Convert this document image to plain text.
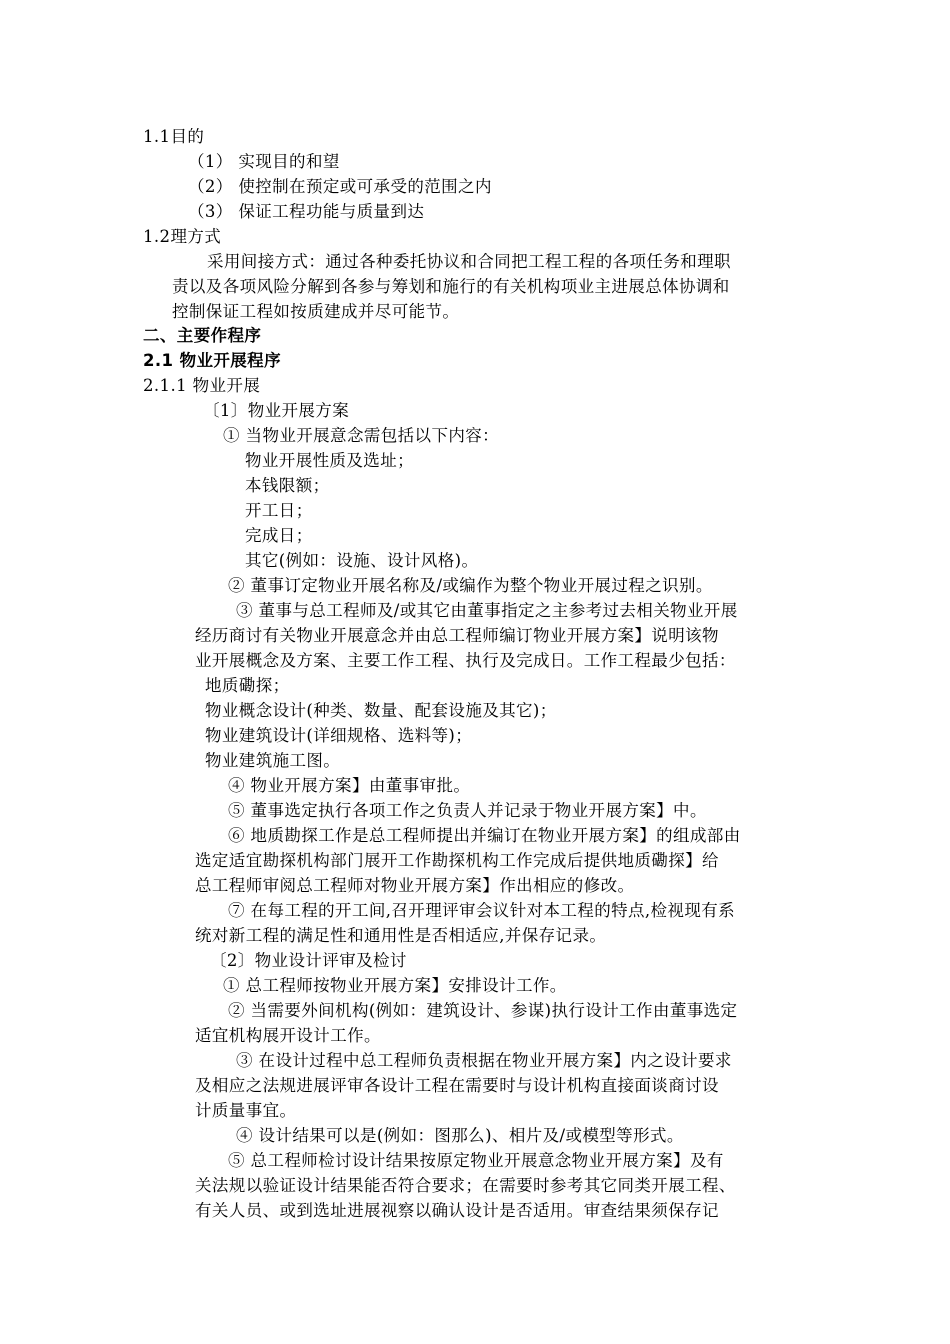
1.1目的
（1） 实现目的和望
（2） 使控制在预定或可承受的范围之内
（3） 保证工程功能与质量到达
1.2理方式
采用间接方式：通过各种委托协议和合同把工程工程的各项任务和理职
责以及各项风险分解到各参与筹划和施行的有关机构项业主进展总体协调和
控制保证工程如按质建成并尽可能节。
二、主要作程序
2.1 物业开展程序
2.1.1 物业开展
〔1〕物业开展方案
① 当物业开展意念需包括以下内容：
物业开展性质及选址；
本钱限额；
开工日；
完成日；
其它(例如：设施、设计风格)。
② 董事订定物业开展名称及/或编作为整个物业开展过程之识别。
③ 董事与总工程师及/或其它由董事指定之主参考过去相关物业开展
经历商讨有关物业开展意念并由总工程师编订物业开展方案】说明该物
业开展概念及方案、主要工作工程、执行及完成日。工作工程最少包括：
地质磡探；
物业概念设计(种类、数量、配套设施及其它)；
物业建筑设计(详细规格、选料等)；
物业建筑施工图。
④ 物业开展方案】由董事审批。
⑤ 董事选定执行各项工作之负责人并记录于物业开展方案】中。
⑥ 地质勘探工作是总工程师提出并编订在物业开展方案】的组成部由
选定适宜勘探机构部门展开工作勘探机构工作完成后提供地质磡探】给
总工程师审阅总工程师对物业开展方案】作出相应的修改。
⑦ 在每工程的开工间,召开理评审会议针对本工程的特点,检视现有系
统对新工程的满足性和通用性是否相适应,并保存记录。
〔2〕物业设计评审及检讨
① 总工程师按物业开展方案】安排设计工作。
② 当需要外间机构(例如：建筑设计、参谋)执行设计工作由董事选定
适宜机构展开设计工作。
③ 在设计过程中总工程师负责根据在物业开展方案】内之设计要求
及相应之法规进展评审各设计工程在需要时与设计机构直接面谈商讨设
计质量事宜。
④ 设计结果可以是(例如：图那么)、相片及/或模型等形式。
⑤ 总工程师检讨设计结果按原定物业开展意念物业开展方案】及有
关法规以验证设计结果能否符合要求；在需要时参考其它同类开展工程、
有关人员、或到选址进展视察以确认设计是否适用。审查结果须保存记
